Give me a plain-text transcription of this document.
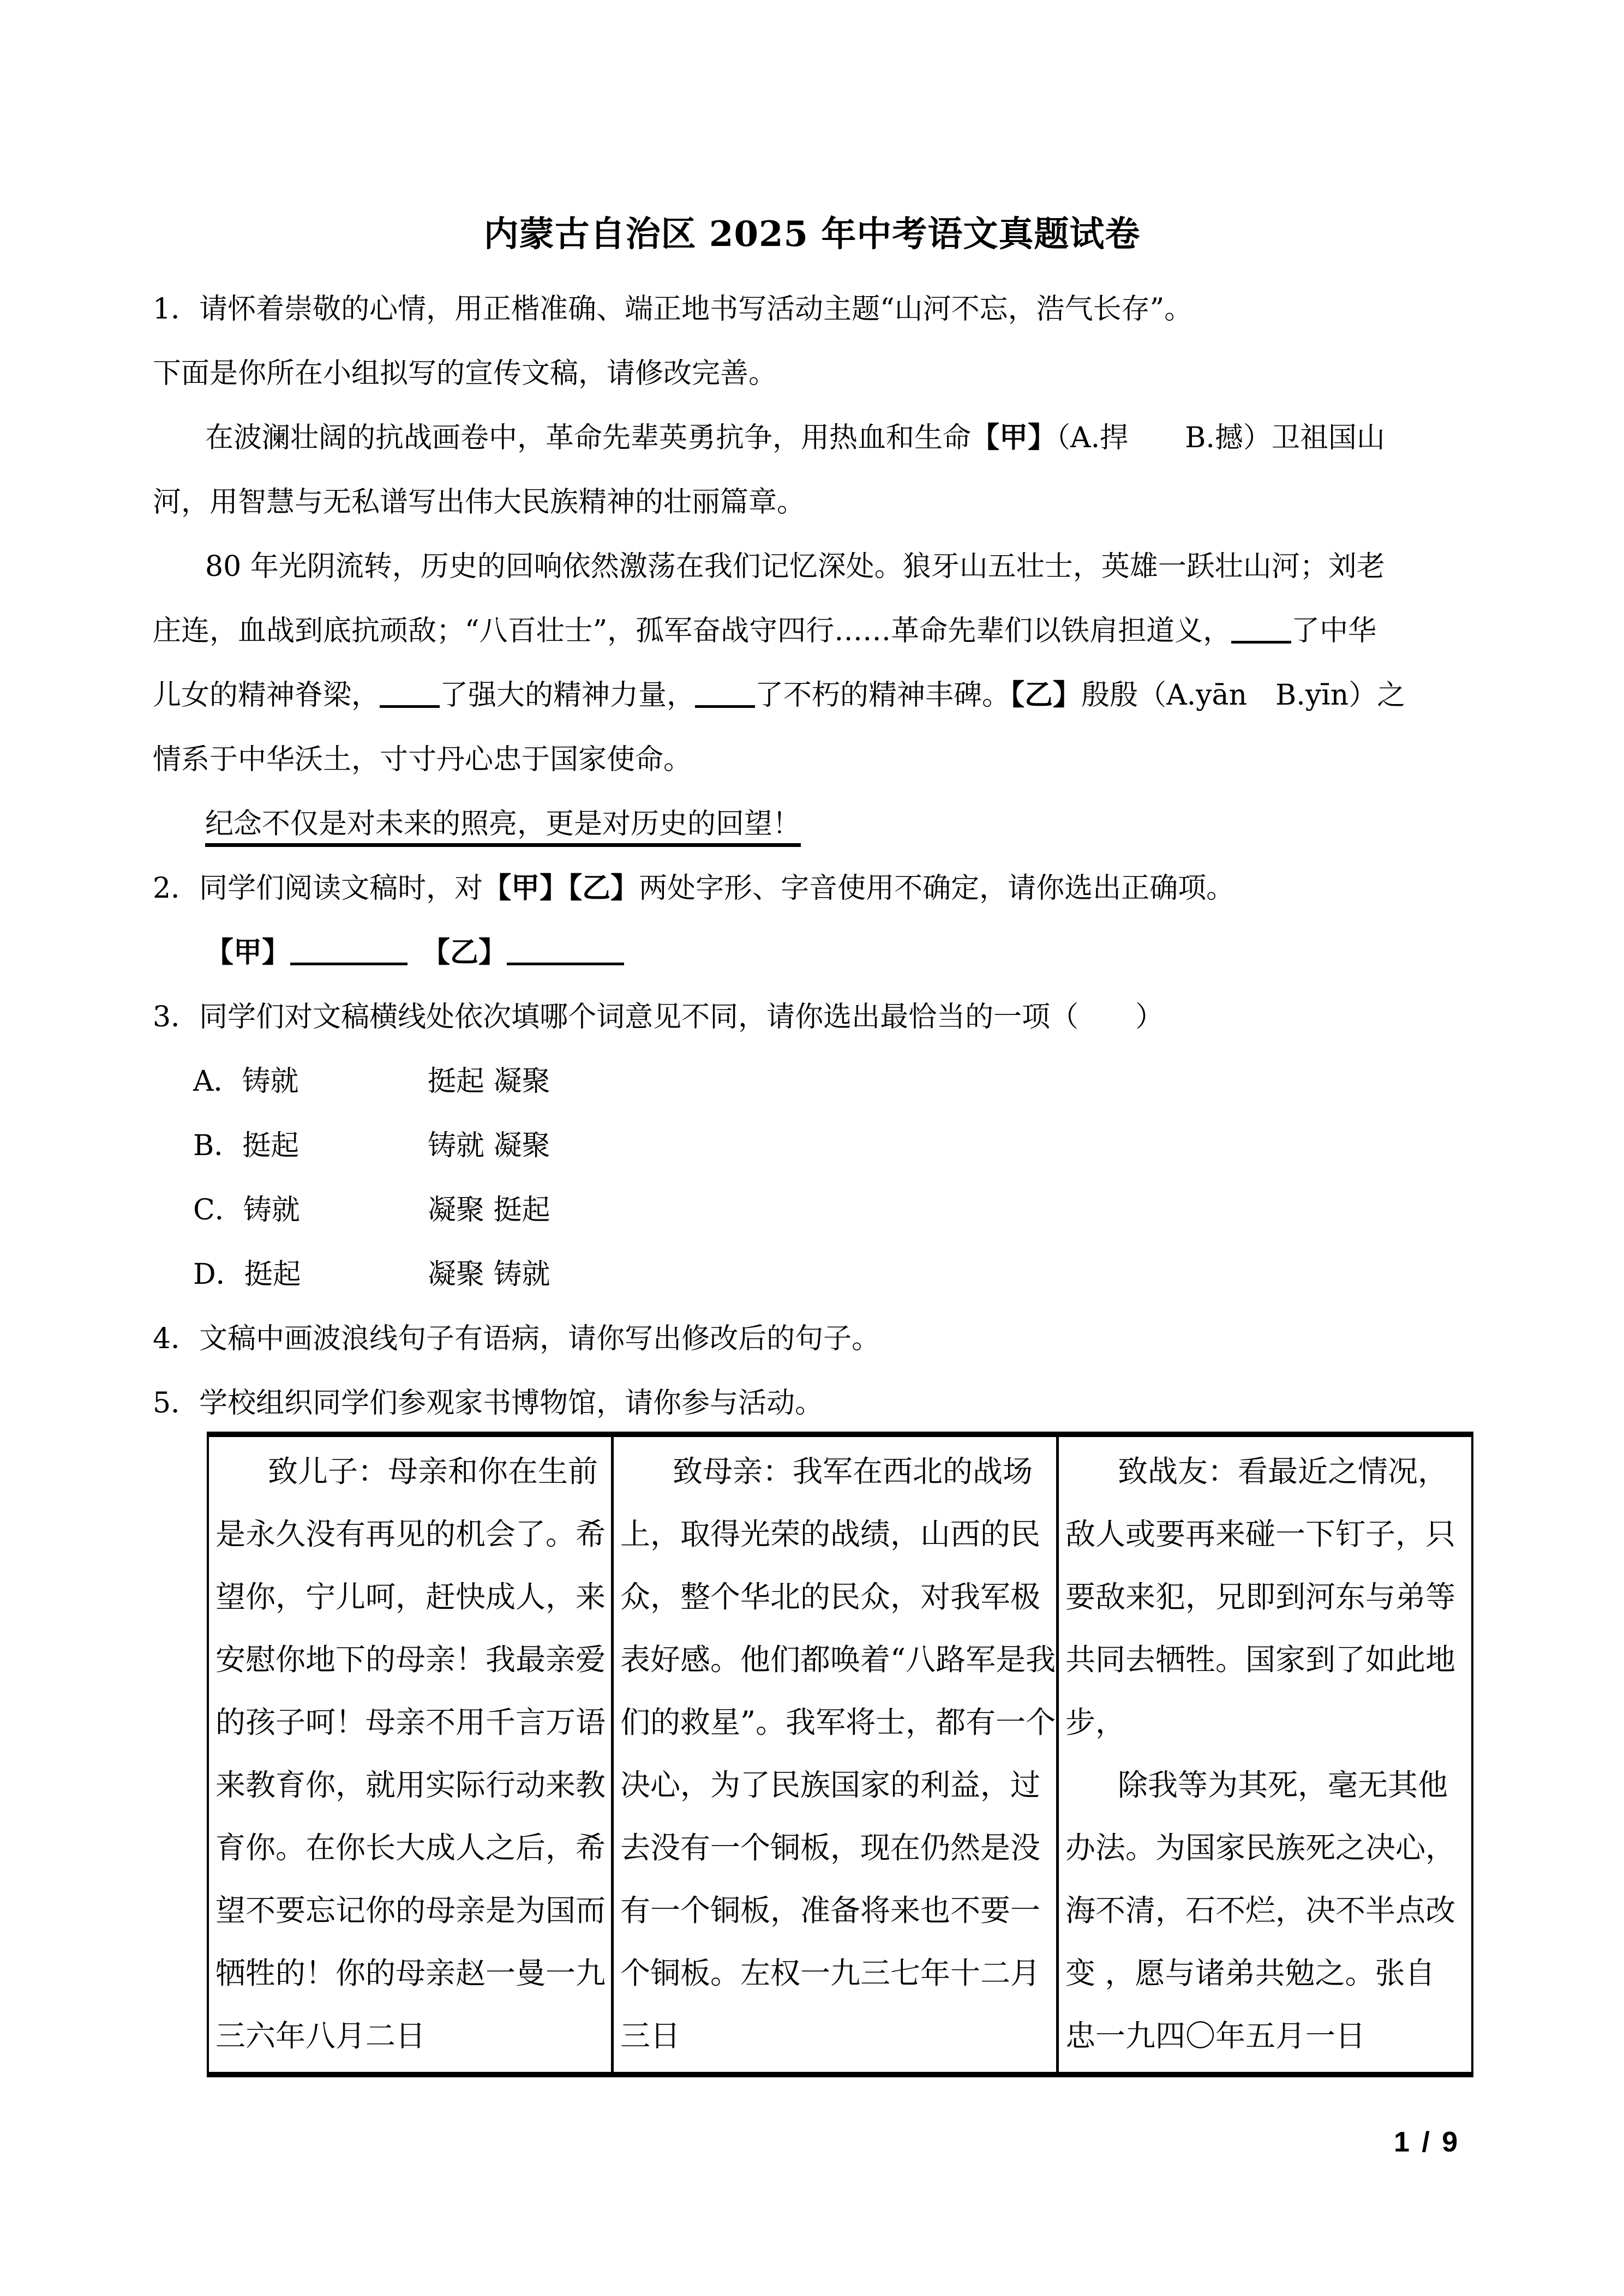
内蒙古自治区 2025 年中考语文真题试卷
1．请怀着崇敬的心情，用正楷准确、端正地书写活动主题“山河不忘，浩气长存”。
下面是你所在小组拟写的宣传文稿，请修改完善。
在波澜壮阔的抗战画卷中，革命先辈英勇抗争，用热血和生命【甲】（A.捍　　B.撼）卫祖国山
河，用智慧与无私谱写出伟大民族精神的壮丽篇章。
80 年光阴流转，历史的回响依然激荡在我们记忆深处。狼牙山五壮士，英雄一跃壮山河；刘老
庄连，血战到底抗顽敌；“八百壮士”，孤军奋战守四行……革命先辈们以铁肩担道义， 了中华
儿女的精神脊梁， 了强大的精神力量， 了不朽的精神丰碑。【乙】殷殷（A.yān　B.yīn）之
情系于中华沃土，寸寸丹心忠于国家使命。
纪念不仅是对未来的照亮，更是对历史的回望！
2．同学们阅读文稿时，对【甲】【乙】两处字形、字音使用不确定，请你选出正确项。
【甲】　	【乙】
3．同学们对文稿横线处依次填哪个词意见不同，请你选出最恰当的一项（　　）
A．铸就	挺起 凝聚
B．挺起	铸就 凝聚
C．铸就	凝聚 挺起
D．挺起	凝聚 铸就
4．文稿中画波浪线句子有语病，请你写出修改后的句子。
5．学校组织同学们参观家书博物馆，请你参与活动。
致儿子：母亲和你在生前
是永久没有再见的机会了。希
望你，宁儿呵，赶快成人，来
安慰你地下的母亲！我最亲爱
的孩子呵！母亲不用千言万语
来教育你，就用实际行动来教
育你。在你长大成人之后，希
望不要忘记你的母亲是为国而
牺牲的！你的母亲赵一曼一九
三六年八月二日
致母亲：我军在西北的战场
上，取得光荣的战绩，山西的民
众，整个华北的民众，对我军极
表好感。他们都唤着“八路军是我
们的救星”。我军将士，都有一个
决心，为了民族国家的利益，过
去没有一个铜板，现在仍然是没
有一个铜板，准备将来也不要一
个铜板。左权一九三七年十二月
三日
致战友：看最近之情况，
敌人或要再来碰一下钉子，只
要敌来犯，兄即到河东与弟等
共同去牺牲。国家到了如此地
步，
除我等为其死，毫无其他
办法。为国家民族死之决心，
海不清，石不烂，决不半点改
变 ，愿与诸弟共勉之。张自
忠一九四〇年五月一日
1 / 9
